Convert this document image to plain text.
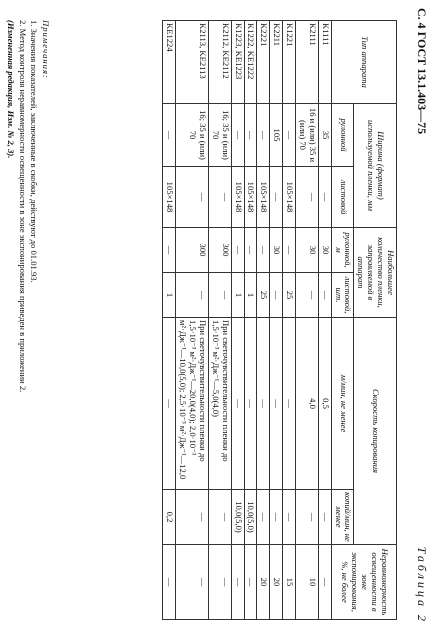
С. 4 ГОСТ 13.1.403—75
Таблица 2
Тип аппарата	Ширина (формат) используемой пленки, мм		Наибольшее количество пленки, заправляемой в аппарат		Скорость копирования		Неравномерность освещенности в зоне экспонирования, %, не более
	рулонной	листовой	рулонной, м	листовой, шт.	м/мин, не менее	копий/мин, не менее	
K1111	35	—	30	—	0,5	—	—
K2111	16 и (или) 35 и (или) 70	—	30	—	4,0	—	10
K1221	—	105×148	—	25	—	—	15
K2211	105	—	30	—	—	—	20
K2221	—	105×148	—	25	—	—	20
K1222, KE1222	—	105×148	—	1	—	10,0(5,0)	—
K1223, KE1223	—	105×148	—	1	—	10,0(5,0)	—
K2112, KE2112	16; 35 и (или) 70	—	300	—	При светочувствительности пленки до 1,5·10⁻³ м²·Дж⁻¹—5,0(4,0)	—	—
K2113, KE2113	16; 35 и (или) 70	—	300	—	При светочувствительности пленки до 1,5·10⁻³ м²·Дж⁻¹—20,0(4,0); 2,0·10⁻³ м²·Дж⁻¹—10,0(5,0); 2,5·10⁻³ м²·Дж⁻¹—12,0	—	—
KE1224	—	105×148	—	1	—	0,2	—
Примечания:
1. Значения показателей, заключенные в скобки, действуют до 01.01.93.
2. Метод контроля неравномерности освещенности в зоне экспонирования приведен в приложении 2.
(Измененная редакция, Изм. № 2, 3).
